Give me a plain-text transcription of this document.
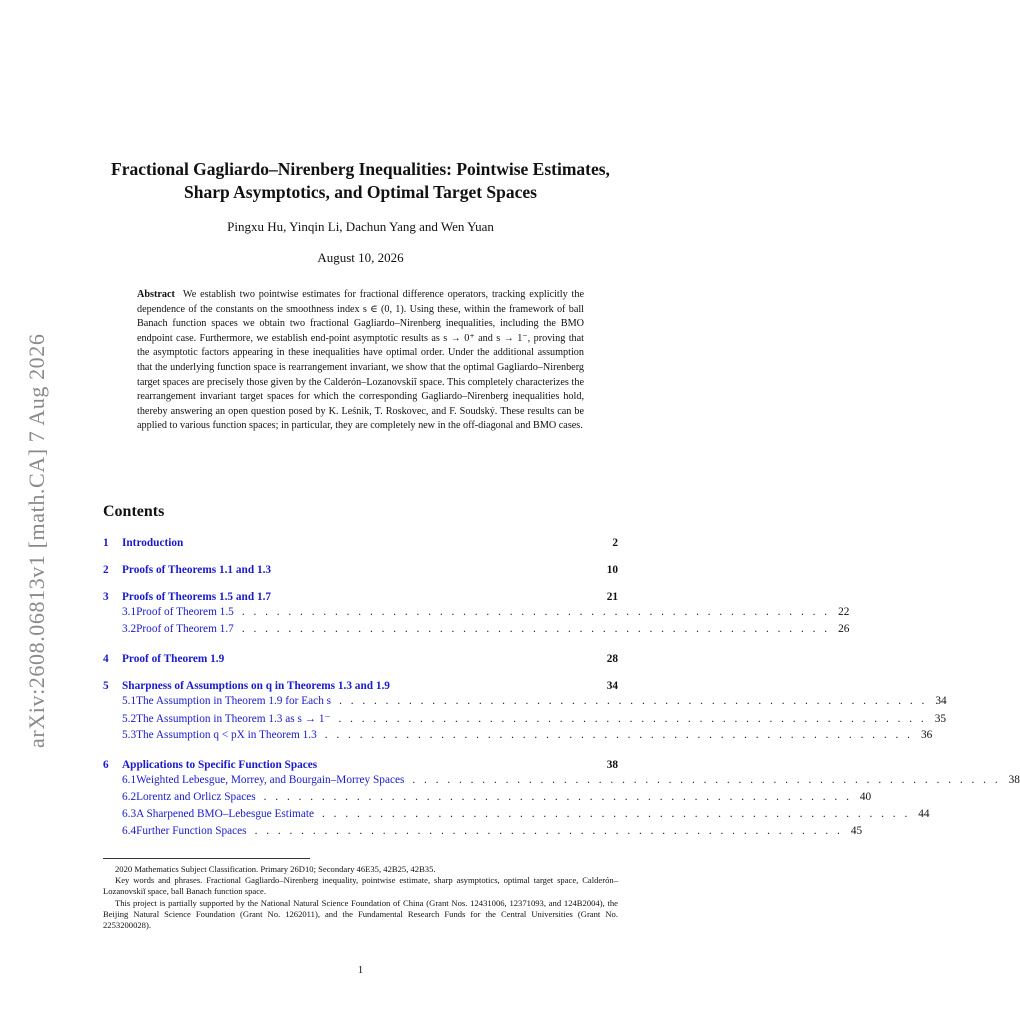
arXiv:2608.06813v1 [math.CA] 7 Aug 2026
Fractional Gagliardo–Nirenberg Inequalities: Pointwise Estimates,
Sharp Asymptotics, and Optimal Target Spaces
Pingxu Hu, Yinqin Li, Dachun Yang and Wen Yuan
August 10, 2026
Abstract We establish two pointwise estimates for fractional difference operators, tracking explicitly the dependence of the constants on the smoothness index s ∈ (0, 1). Using these, within the framework of ball Banach function spaces we obtain two fractional Gagliardo–Nirenberg inequalities, including the BMO endpoint case. Furthermore, we establish end-point asymptotic results as s → 0⁺ and s → 1⁻, proving that the asymptotic factors appearing in these inequalities have optimal order. Under the additional assumption that the underlying function space is rearrangement invariant, we show that the optimal Gagliardo–Nirenberg target spaces are precisely those given by the Calderón–Lozanovskiĭ space. This completely characterizes the rearrangement invariant target spaces for which the corresponding Gagliardo–Nirenberg inequalities hold, thereby answering an open question posed by K. Leśnik, T. Roskovec, and F. Soudský. These results can be applied to various function spaces; in particular, they are completely new in the off-diagonal and BMO cases.
Contents
1	Introduction	2
2	Proofs of Theorems 1.1 and 1.3	10
3	Proofs of Theorems 1.5 and 1.7	21
3.1 Proof of Theorem 1.5 . . . . . . . . . . . . . . . . . . . . . . . . . . . . . . . . . . . . . . . . . . . . . . . . . . . 22
3.2 Proof of Theorem 1.7 . . . . . . . . . . . . . . . . . . . . . . . . . . . . . . . . . . . . . . . . . . . . . . . . . . . 26
4	Proof of Theorem 1.9	28
5	Sharpness of Assumptions on q in Theorems 1.3 and 1.9	34
5.1 The Assumption in Theorem 1.9 for Each s . . . . . . . . . . . . . . . . . . . . . . . . . . . . . . . . . . . . . . . . . . . . . . . . . . . 34
5.2 The Assumption in Theorem 1.3 as s → 1⁻ . . . . . . . . . . . . . . . . . . . . . . . . . . . . . . . . . . . . . . . . . . . . . . . . . . . 35
5.3 The Assumption q < pX in Theorem 1.3 . . . . . . . . . . . . . . . . . . . . . . . . . . . . . . . . . . . . . . . . . . . . . . . . . . . 36
6	Applications to Specific Function Spaces	38
6.1 Weighted Lebesgue, Morrey, and Bourgain–Morrey Spaces . . . . . . . . . . . . . . . . . . . . . . . . . . . . . . . . . . . . . . . . . . . . . . . . . . . 38
6.2 Lorentz and Orlicz Spaces . . . . . . . . . . . . . . . . . . . . . . . . . . . . . . . . . . . . . . . . . . . . . . . . . . . 40
6.3 A Sharpened BMO–Lebesgue Estimate . . . . . . . . . . . . . . . . . . . . . . . . . . . . . . . . . . . . . . . . . . . . . . . . . . . 44
6.4 Further Function Spaces . . . . . . . . . . . . . . . . . . . . . . . . . . . . . . . . . . . . . . . . . . . . . . . . . . . 45

2020 Mathematics Subject Classification. Primary 26D10; Secondary 46E35, 42B25, 42B35.

Key words and phrases. Fractional Gagliardo–Nirenberg inequality, pointwise estimate, sharp asymptotics, optimal target space, Calderón–Lozanovskiĭ space, ball Banach function space.

This project is partially supported by the National Natural Science Foundation of China (Grant Nos. 12431006, 12371093, and 124B2004), the Beijing Natural Science Foundation (Grant No. 1262011), and the Fundamental Research Funds for the Central Universities (Grant No. 2253200028).

1
